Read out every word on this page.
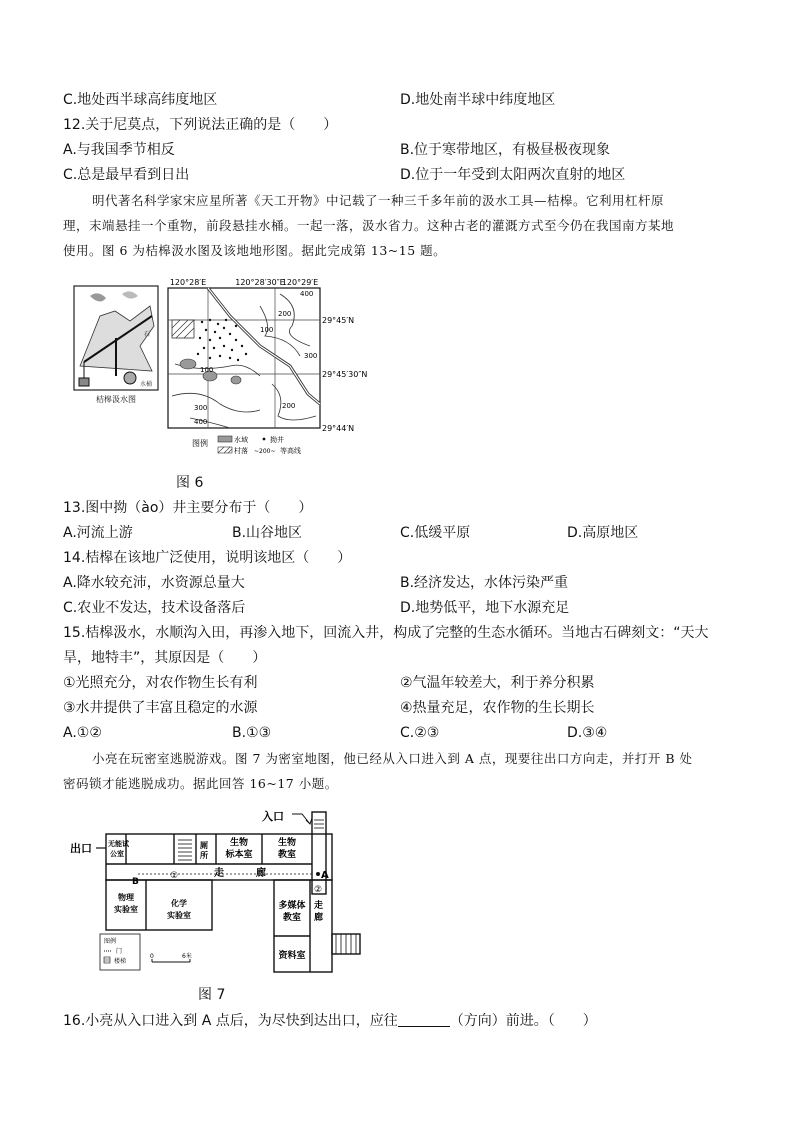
C.地处西半球高纬度地区	D.地处南半球中纬度地区
12.关于尼莫点，下列说法正确的是（　　）
A.与我国季节相反	B.位于寒带地区，有极昼极夜现象
C.总是最早看到日出	D.位于一年受到太阳两次直射的地区
明代著名科学家宋应星所著《天工开物》中记载了一种三千多年前的汲水工具—桔槔。它利用杠杆原
理，末端悬挂一个重物，前段悬挂水桶。一起一落，汲水省力。这种古老的灌溉方式至今仍在我国南方某地
使用。图 6 为桔槔汲水图及该地地形图。据此完成第 13~15 题。
石
水桶
桔槔汲水图
120°28′E	120°28′30″E
120°29′E
400
200
100
300
100
300	200
400
29°45′N
29°45′30″N
29°44′N
图例	水域	拗井
村落 ~200~ 等高线
图 6
13.图中拗（ào）井主要分布于（　　）
A.河流上游	B.山谷地区	C.低缓平原	D.高原地区
14.桔槔在该地广泛使用，说明该地区（　　）
A.降水较充沛，水资源总量大	B.经济发达，水体污染严重
C.农业不发达，技术设备落后	D.地势低平，地下水源充足
15.桔槔汲水，水顺沟入田，再渗入地下，回流入井，构成了完整的生态水循环。当地古石碑刻文：“天大
旱，地特丰”，其原因是（　　）
①光照充分，对农作物生长有利	②气温年较差大，利于养分积累
③水井提供了丰富且稳定的水源	④热量充足，农作物的生长期长
A.①②	B.①③	C.②③	D.③④
小亮在玩密室逃脱游戏。图 7 为密室地图，他已经从入口进入到 A 点，现要往出口方向走，并打开 B 处
密码锁才能逃脱成功。据此回答 16~17 小题。
入口
出口 无能试
公室
厕
所
生物
标本室
生物
教室
物理
实验室
化学
实验室
多媒体
教室
资料室
走	廊
走
廊
A
B
①
②
图例
门
楼梯
0	6米
图 7
16.小亮从入口进入到 A 点后，为尽快到达出口，应往	（方向）前进。（　　）
